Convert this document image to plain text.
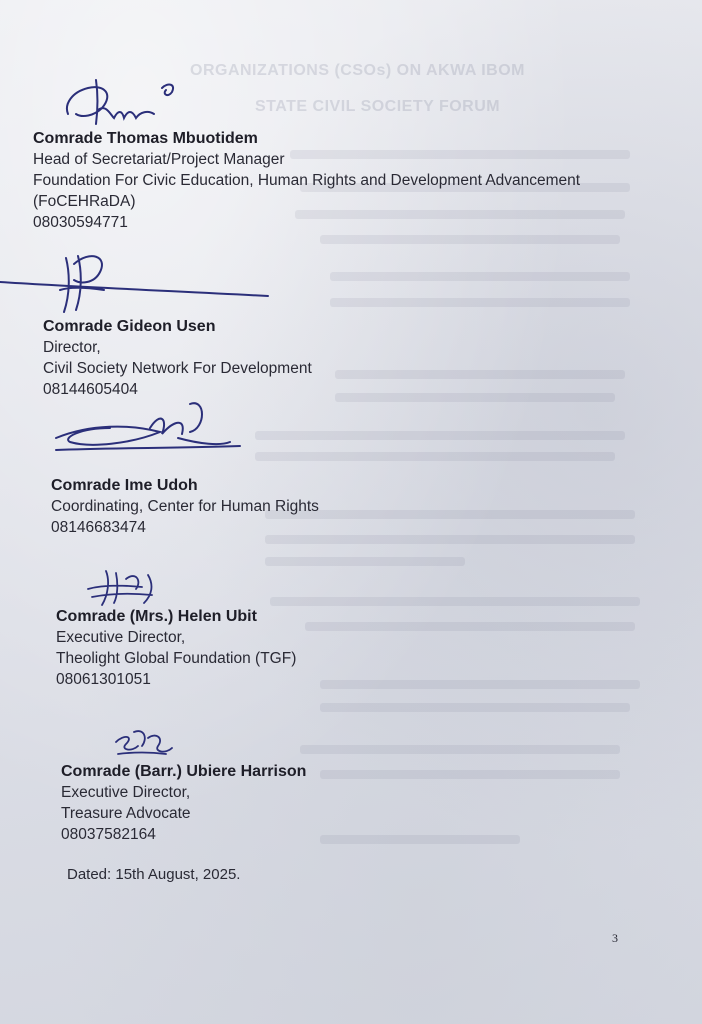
ORGANIZATIONS (CSOs) ON AKWA IBOM
STATE CIVIL SOCIETY FORUM
Comrade Thomas Mbuotidem
Head of Secretariat/Project Manager
Foundation For Civic Education, Human Rights and Development Advancement
(FoCEHRaDA)
08030594771
Comrade Gideon Usen
Director,
Civil Society Network For Development
08144605404
Comrade Ime Udoh
Coordinating, Center for Human Rights
08146683474
Comrade (Mrs.) Helen Ubit
Executive Director,
Theolight Global Foundation (TGF)
08061301051
Comrade (Barr.) Ubiere Harrison
Executive Director,
Treasure Advocate
08037582164
Dated: 15th August, 2025.
3
